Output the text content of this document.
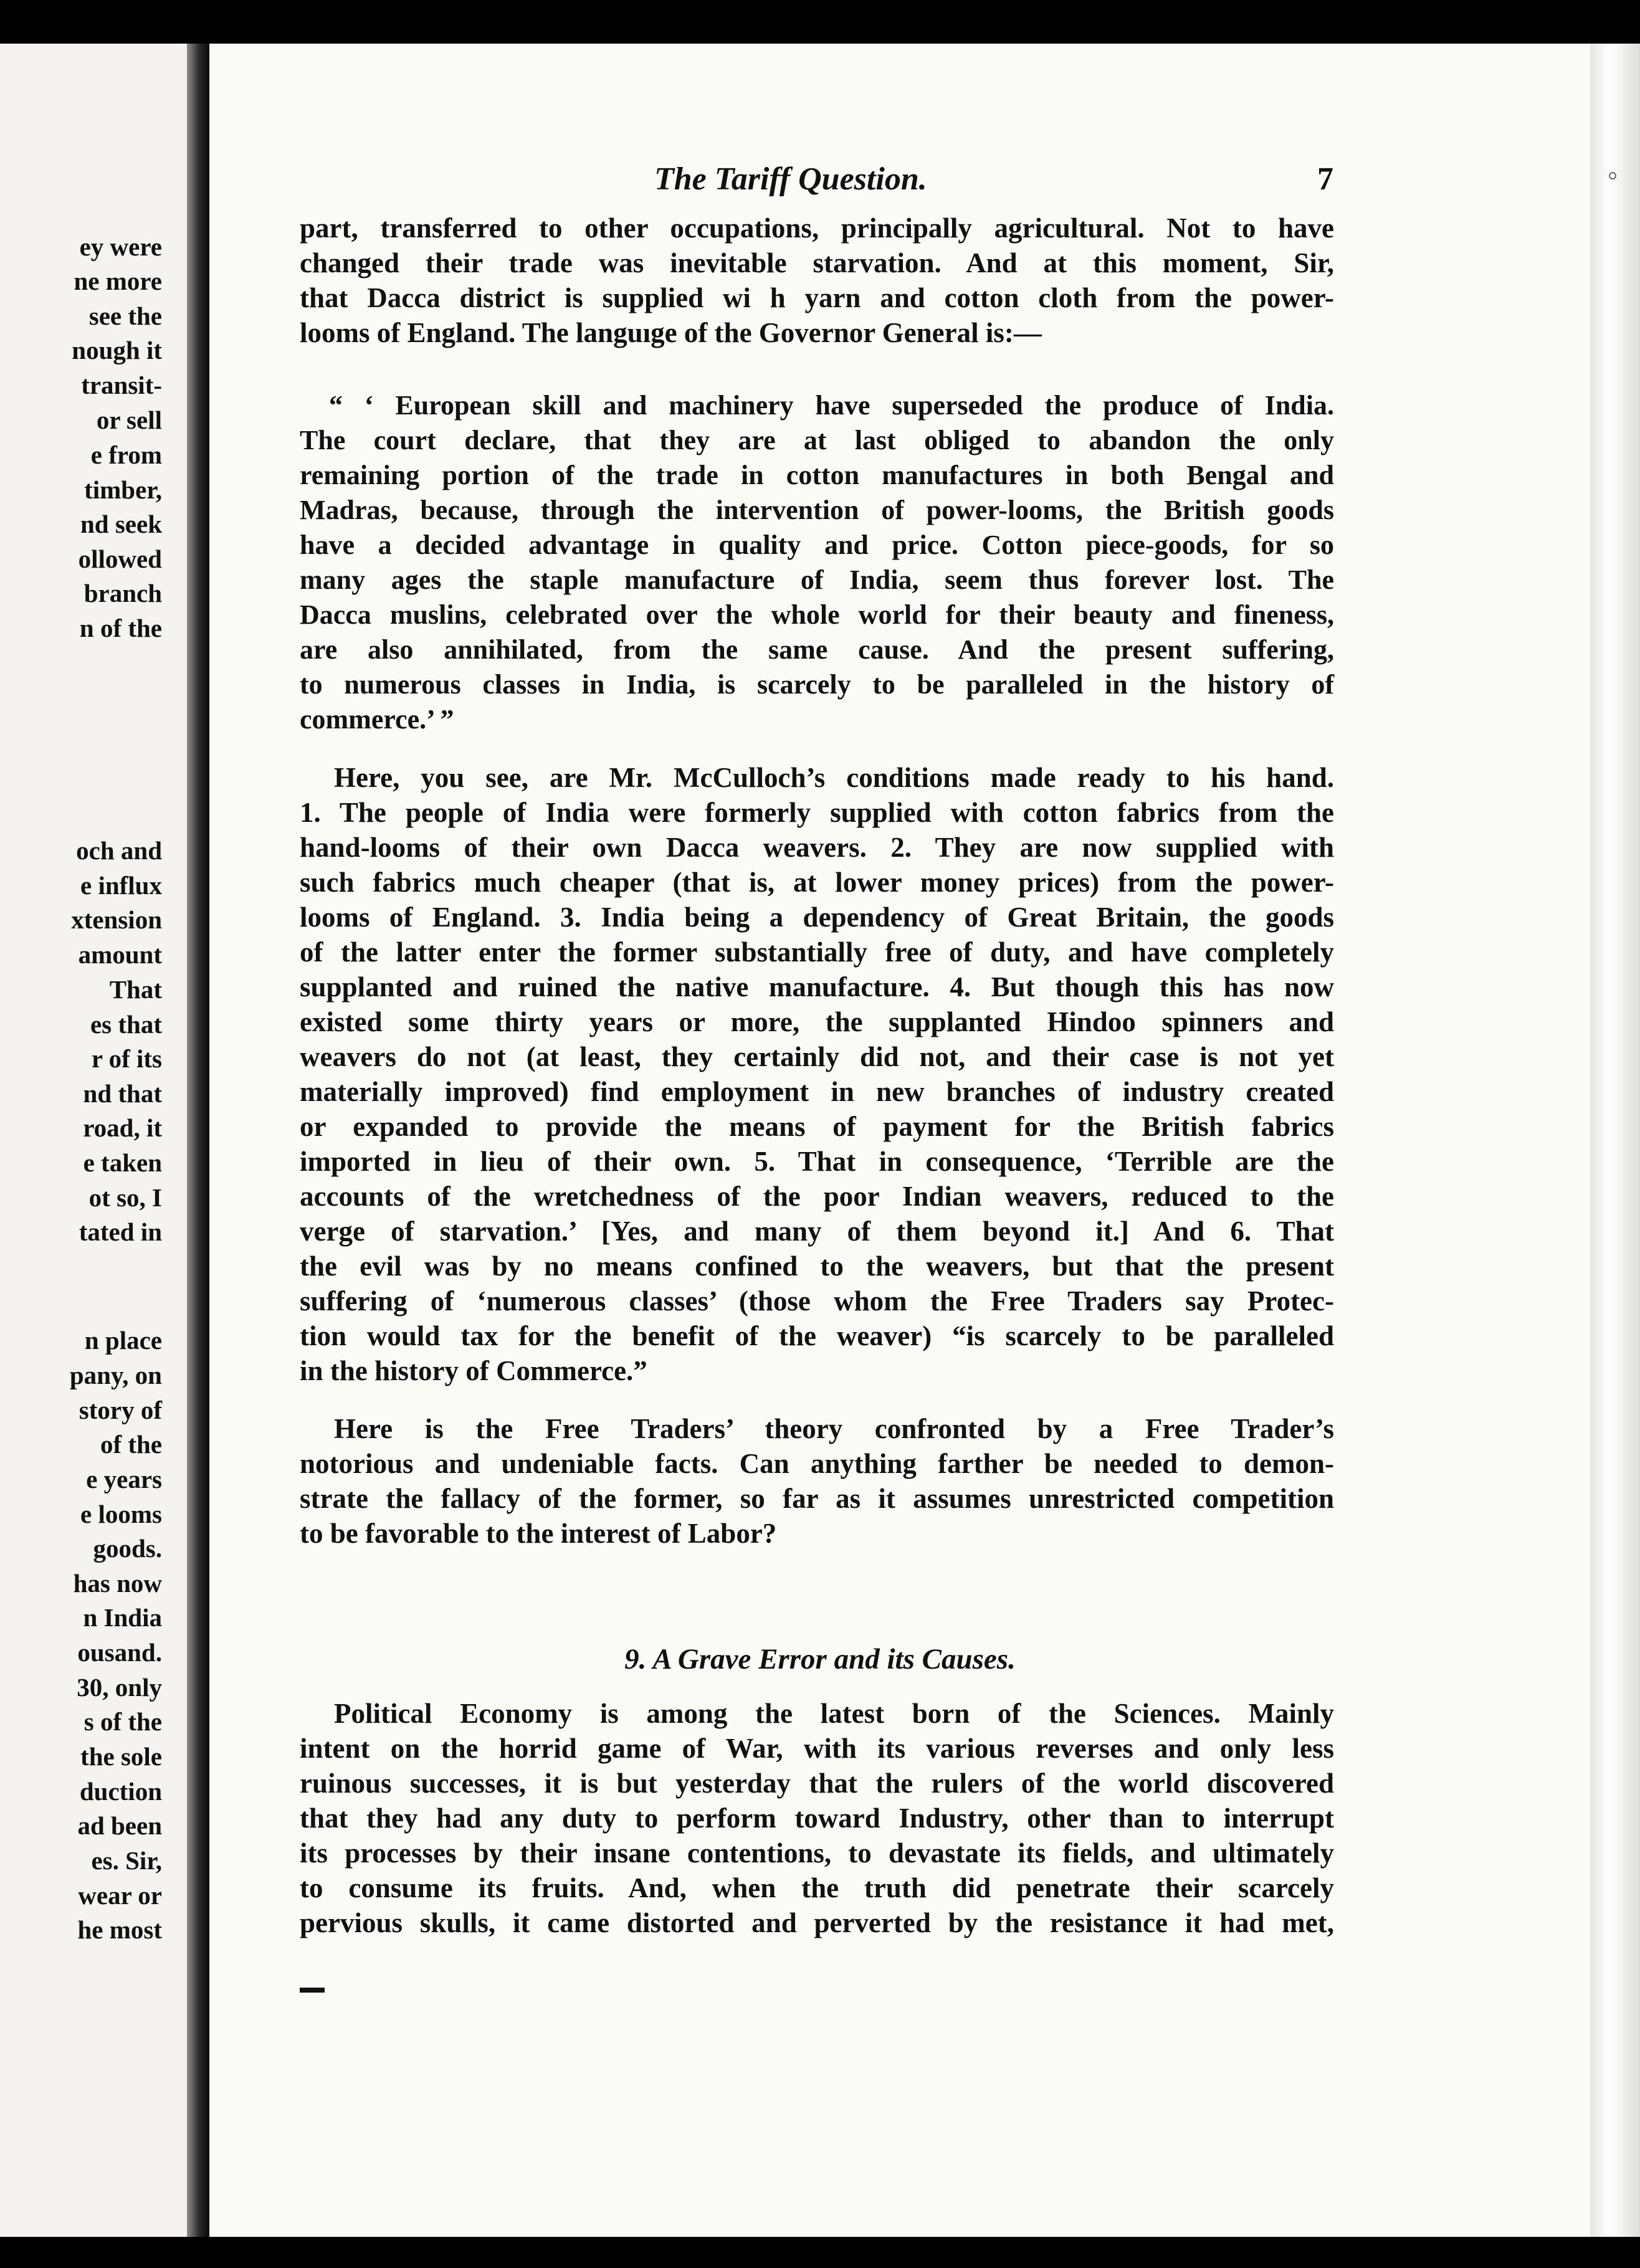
ey were
ne more
see the
nough it
transit-
or sell
e from
timber,
nd seek
ollowed
branch
n of the
och and
e influx
xtension
amount
That
es that
r of its
nd that
road, it
e taken
ot so, I
tated in
n place
pany, on
story of
of the
e years
e looms
goods.
has now
n India
ousand.
30, only
s of the
the sole
duction
ad been
es. Sir,
wear or
he most
The Tariff Question.	7
part, transferred to other occupations, principally agricultural. Not to have
changed their trade was inevitable starvation. And at this moment, Sir,
that Dacca district is supplied wi h yarn and cotton cloth from the power-
looms of England. The languıge of the Governor General is:—
“ ‘ European skill and machinery have superseded the produce of India.
The court declare, that they are at last obliged to abandon the only
remaining portion of the trade in cotton manufactures in both Bengal and
Madras, because, through the intervention of power-looms, the British goods
have a decided advantage in quality and price. Cotton piece-goods, for so
many ages the staple manufacture of India, seem thus forever lost. The
Dacca muslins, celebrated over the whole world for their beauty and fineness,
are also annihilated, from the same cause. And the present suffering,
to numerous classes in India, is scarcely to be paralleled in the history of
commerce.’ ”
Here, you see, are Mr. McCulloch’s conditions made ready to his hand.
1. The people of India were formerly supplied with cotton fabrics from the
hand-looms of their own Dacca weavers. 2. They are now supplied with
such fabrics much cheaper (that is, at lower money prices) from the power-
looms of England. 3. India being a dependency of Great Britain, the goods
of the latter enter the former substantially free of duty, and have completely
supplanted and ruined the native manufacture. 4. But though this has now
existed some thirty years or more, the supplanted Hindoo spinners and
weavers do not (at least, they certainly did not, and their case is not yet
materially improved) find employment in new branches of industry created
or expanded to provide the means of payment for the British fabrics
imported in lieu of their own. 5. That in consequence, ‘Terrible are the
accounts of the wretchedness of the poor Indian weavers, reduced to the
verge of starvation.’ [Yes, and many of them beyond it.] And 6. That
the evil was by no means confined to the weavers, but that the present
suffering of ‘numerous classes’ (those whom the Free Traders say Protec-
tion would tax for the benefit of the weaver) “is scarcely to be paralleled
in the history of Commerce.”
Here is the Free Traders’ theory confronted by a Free Trader’s
notorious and undeniable facts. Can anything farther be needed to demon-
strate the fallacy of the former, so far as it assumes unrestricted competition
to be favorable to the interest of Labor?
Political Economy is among the latest born of the Sciences. Mainly
intent on the horrid game of War, with its various reverses and only less
ruinous successes, it is but yesterday that the rulers of the world discovered
that they had any duty to perform toward Industry, other than to interrupt
its processes by their insane contentions, to devastate its fields, and ultimately
to consume its fruits. And, when the truth did penetrate their scarcely
pervious skulls, it came distorted and perverted by the resistance it had met,
9. A Grave Error and its Causes.
